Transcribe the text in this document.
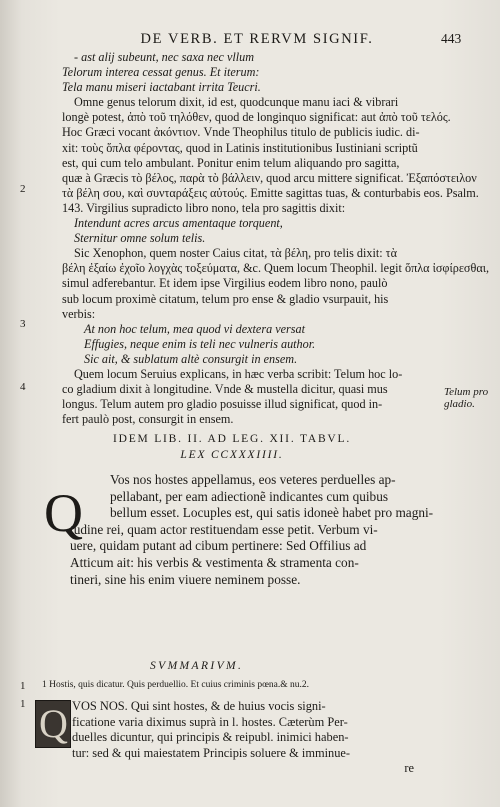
DE VERB. ET RERVM SIGNIF.	443
- ast alij subeunt, nec saxa nec vllum
Telorum interea cessat genus. Et iterum:
Tela manu miseri iactabant irrita Teucri.
Omne genus telorum dixit, id est, quodcunque manu iaci & vibrari
longè potest, ἀπὸ τοῦ τηλόθεν, quod de longinquo significat: aut ἀπὸ τοῦ τελός.
Hoc Græci vocant ἀκόντιον. Vnde Theophilus titulo de publicis iudic. di-
xit: τοὺς ὅπλα φέροντας, quod in Latinis institutionibus Iustiniani scriptũ
est, qui cum telo ambulant. Ponitur enim telum aliquando pro sagitta,
quæ à Græcis τὸ βέλος, παρὰ τὸ βάλλειν, quod arcu mittere significat. Ἐξαπόστειλον
τὰ βέλη σου, καὶ συνταράξεις αὐτούς. Emitte sagittas tuas, & conturbabis eos. Psalm.
143. Virgilius supradicto libro nono, tela pro sagittis dixit:
Intendunt acres arcus amentaque torquent,
Sternitur omne solum telis.
Sic Xenophon, quem noster Caius citat, τὰ βέλη, pro telis dixit: τὰ
βέλη ἐξαίω ἐχοῖο λογχὰς τοξεύματα, &c. Quem locum Theophil. legit ὅπλα ἰσφίρεσθαι,
simul adferebantur. Et idem ipse Virgilius eodem libro nono, paulò
sub locum proximè citatum, telum pro ense & gladio vsurpauit, his
verbis:
At non hoc telum, mea quod vi dextera versat
Effugies, neque enim is teli nec vulneris author.
Sic ait, & sublatum altè consurgit in ensem.
Quem locum Seruius explicans, in hæc verba scribit: Telum hoc lo-
co gladium dixit à longitudine. Vnde & mustella dicitur, quasi mus
longus. Telum autem pro gladio posuisse illud significat, quod in-
fert paulò post, consurgit in ensem.
2
3
4
1
1
Telum pro gladio.
IDEM LIB. II. AD LEG. XII. TABVL.
LEX CCXXXIIII.
Q
Vos nos hostes appellamus, eos veteres perduelles ap-
pellabant, per eam adiectionẽ indicantes cum quibus
bellum esset. Locuples est, qui satis idoneè habet pro magni-
tudine rei, quam actor restituendam esse petit. Verbum vi-
uere, quidam putant ad cibum pertinere: Sed Offilius ad
Atticum ait: his verbis & vestimenta & stramenta con-
tineri, sine his enim viuere neminem posse.
SVMMARIVM.
1 Hostis, quis dicatur. Quis perduellio. Et cuius criminis pœna.& nu.2.
Q VOS NOS. Qui sint hostes, & de huius vocis signi-
ficatione varia diximus suprà in l. hostes. Cæterùm Per-
duelles dicuntur, qui principis & reipubl. inimici haben-
tur: sed & qui maiestatem Principis soluere & imminue-
re
